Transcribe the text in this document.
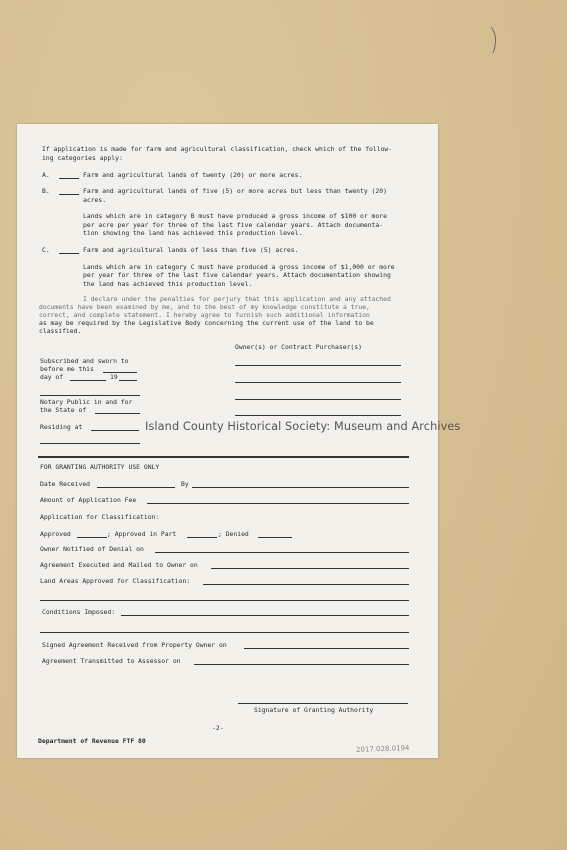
If application is made for farm and agricultural classification, check which of the follow-
ing categories apply:
A.	Farm and agricultural lands of twenty (20) or more acres.
B.	Farm and agricultural lands of five (5) or more acres but less than twenty (20)
acres.
Lands which are in category B must have produced a gross income of $100 or more
per acre per year for three of the last five calendar years. Attach documenta-
tion showing the land has achieved this production level.
C.	Farm and agricultural lands of less than five (5) acres.
Lands which are in category C must have produced a gross income of $1,000 or more
per year for three of the last five calendar years. Attach documentation showing
the land has achieved this production level.
I declare under the penalties for perjury that this application and any attached
documents have been examined by me, and to the best of my knowledge constitute a true,
correct, and complete statement. I hereby agree to furnish such additional information
as may be required by the Legislative Body concerning the current use of the land to be
classified.
Owner(s) or Contract Purchaser(s)
Subscribed and sworn to
before me this
day of	19
Notary Public in and for
the State of
Residing at	Island County Historical Society: Museum and Archives
FOR GRANTING AUTHORITY USE ONLY
Date Received	By
Amount of Application Fee
Application for Classification:
Approved	; Approved in Part	; Denied
Owner Notified of Denial on
Agreement Executed and Mailed to Owner on
Land Areas Approved for Classification:
Conditions Imposed:
Signed Agreement Received from Property Owner on
Agreement Transmitted to Assessor on
Signature of Granting Authority
-2-
Department of Revenue FTF 80
2017.028.0194
